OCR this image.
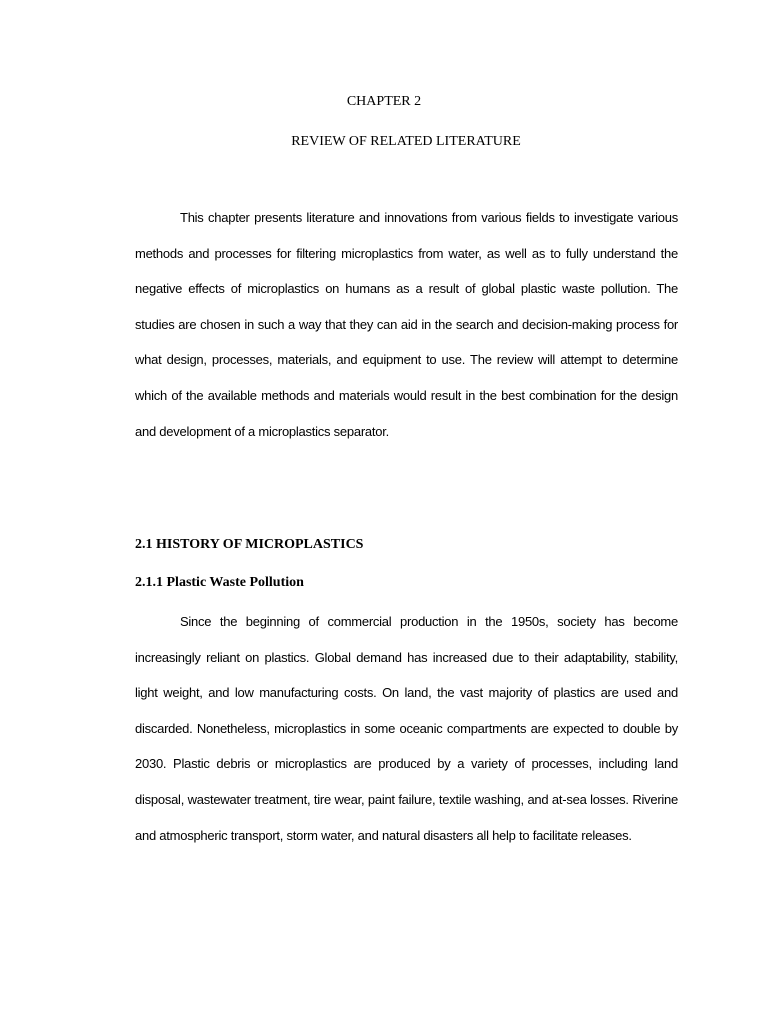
CHAPTER 2
REVIEW OF RELATED LITERATURE

This chapter presents literature and innovations from various fields to investigate various methods and processes for filtering microplastics from water, as well as to fully understand the negative effects of microplastics on humans as a result of global plastic waste pollution. The studies are chosen in such a way that they can aid in the search and decision-making process for what design, processes, materials, and equipment to use. The review will attempt to determine which of the available methods and materials would result in the best combination for the design and development of a microplastics separator.

2.1 HISTORY OF MICROPLASTICS
2.1.1 Plastic Waste Pollution

Since the beginning of commercial production in the 1950s, society has become increasingly reliant on plastics. Global demand has increased due to their adaptability, stability, light weight, and low manufacturing costs. On land, the vast majority of plastics are used and discarded. Nonetheless, microplastics in some oceanic compartments are expected to double by 2030. Plastic debris or microplastics are produced by a variety of processes, including land disposal, wastewater treatment, tire wear, paint failure, textile washing, and at-sea losses. Riverine and atmospheric transport, storm water, and natural disasters all help to facilitate releases.
